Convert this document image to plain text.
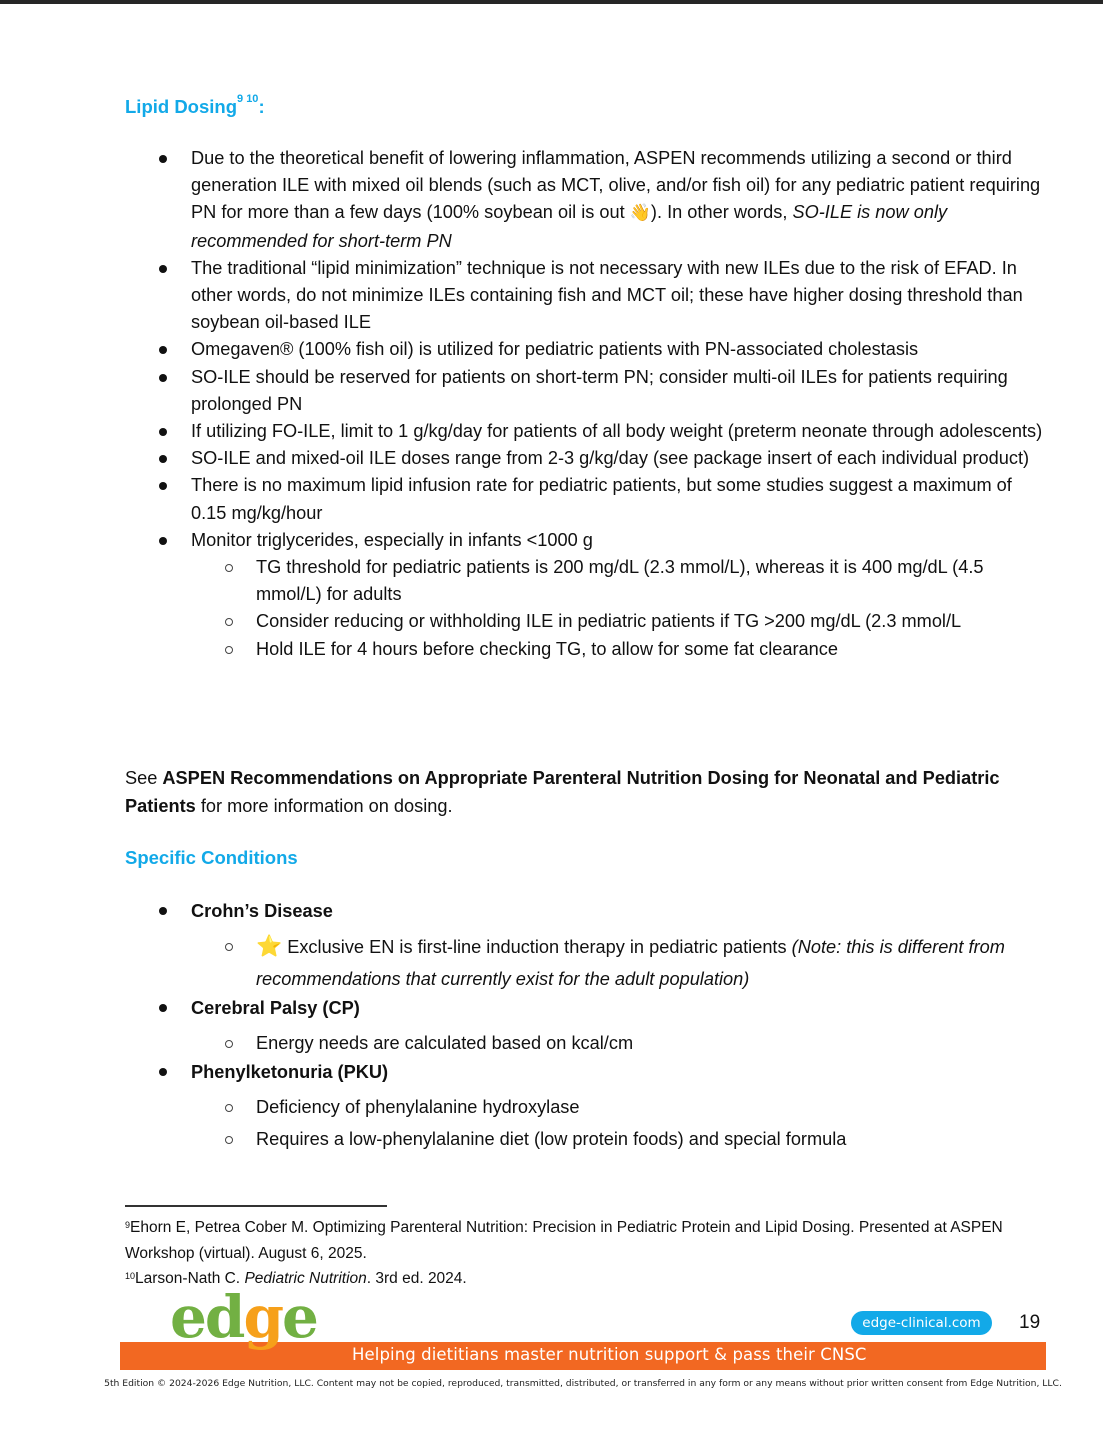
Lipid Dosing$^{9 10}$:
Due to the theoretical benefit of lowering inflammation, ASPEN recommends utilizing a second or third generation ILE with mixed oil blends (such as MCT, olive, and/or fish oil) for any pediatric patient requiring PN for more than a few days (100% soybean oil is out 👋). In other words, SO-ILE is now only recommended for short-term PN
The traditional “lipid minimization” technique is not necessary with new ILEs due to the risk of EFAD. In other words, do not minimize ILEs containing fish and MCT oil; these have higher dosing threshold than soybean oil-based ILE
Omegaven® (100% fish oil) is utilized for pediatric patients with PN-associated cholestasis
SO-ILE should be reserved for patients on short-term PN; consider multi-oil ILEs for patients requiring prolonged PN
If utilizing FO-ILE, limit to 1 g/kg/day for patients of all body weight (preterm neonate through adolescents)
SO-ILE and mixed-oil ILE doses range from 2-3 g/kg/day (see package insert of each individual product)
There is no maximum lipid infusion rate for pediatric patients, but some studies suggest a maximum of 0.15 mg/kg/hour
Monitor triglycerides, especially in infants <1000 g
TG threshold for pediatric patients is 200 mg/dL (2.3 mmol/L), whereas it is 400 mg/dL (4.5 mmol/L) for adults
Consider reducing or withholding ILE in pediatric patients if TG >200 mg/dL (2.3 mmol/L
Hold ILE for 4 hours before checking TG, to allow for some fat clearance

See ASPEN Recommendations on Appropriate Parenteral Nutrition Dosing for Neonatal and Pediatric Patients for more information on dosing.

Specific Conditions
Crohn’s Disease
⭐ Exclusive EN is first-line induction therapy in pediatric patients (Note: this is different from recommendations that currently exist for the adult population)
Cerebral Palsy (CP)
Energy needs are calculated based on kcal/cm
Phenylketonuria (PKU)
Deficiency of phenylalanine hydroxylase
Requires a low-phenylalanine diet (low protein foods) and special formula

$^9$Ehorn E, Petrea Cober M. Optimizing Parenteral Nutrition: Precision in Pediatric Protein and Lipid Dosing. Presented at ASPEN Workshop (virtual). August 6, 2025.

$^{10}$Larson-Nath C. Pediatric Nutrition. 3rd ed. 2024.

Helping dietitians master nutrition support & pass their CNSC
edge	edge-clinical.com	19
5th Edition © 2024-2026 Edge Nutrition, LLC. Content may not be copied, reproduced, transmitted, distributed, or transferred in any form or any means without prior written consent from Edge Nutrition, LLC.
